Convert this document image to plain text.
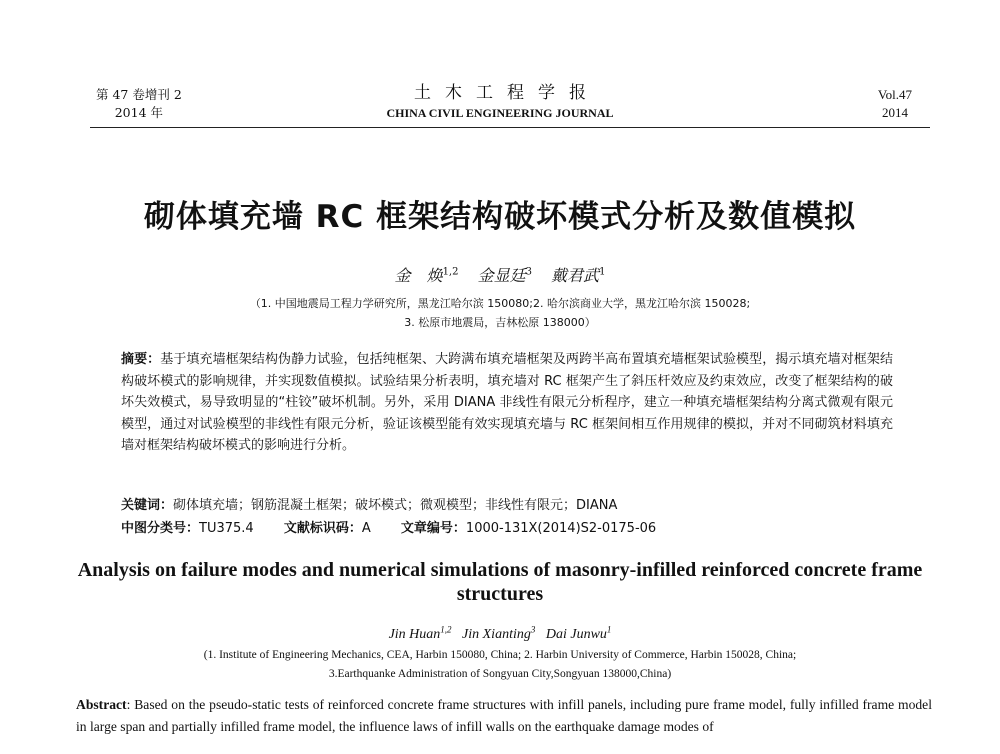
第 47 卷增刊 2
2014 年
土木工程学报
CHINA CIVIL ENGINEERING JOURNAL
Vol.47
2014
砌体填充墙 RC 框架结构破坏模式分析及数值模拟
金　焕$^{1,2}$ 金显廷$^3$ 戴君武$^1$
（1. 中国地震局工程力学研究所，黑龙江哈尔滨 150080;2. 哈尔滨商业大学，黑龙江哈尔滨 150028;
3. 松原市地震局，吉林松原 138000）
摘要：基于填充墙框架结构伪静力试验，包括纯框架、大跨满布填充墙框架及两跨半高布置填充墙框架试验模型，揭示填充墙对框架结构破坏模式的影响规律，并实现数值模拟。试验结果分析表明，填充墙对 RC 框架产生了斜压杆效应及约束效应，改变了框架结构的破坏失效模式，易导致明显的“柱铰”破坏机制。另外，采用 DIANA 非线性有限元分析程序，建立一种填充墙框架结构分离式微观有限元模型，通过对试验模型的非线性有限元分析，验证该模型能有效实现填充墙与 RC 框架间相互作用规律的模拟，并对不同砌筑材料填充墙对框架结构破坏模式的影响进行分析。
关键词：砌体填充墙；钢筋混凝土框架；破坏模式；微观模型；非线性有限元；DIANA
中图分类号：TU375.4 文献标识码：A 文章编号：1000-131X(2014)S2-0175-06
Analysis on failure modes and numerical simulations of masonry-infilled reinforced concrete frame structures
Jin Huan$^{1,2}$ Jin Xianting$^3$ Dai Junwu$^1$
(1. Institute of Engineering Mechanics, CEA, Harbin 150080, China; 2. Harbin University of Commerce, Harbin 150028, China;
3.Earthquanke Administration of Songyuan City,Songyuan 138000,China)
Abstract: Based on the pseudo-static tests of reinforced concrete frame structures with infill panels, including pure frame model, fully infilled frame model in large span and partially infilled frame model, the influence laws of infill walls on the earthquake damage modes of
